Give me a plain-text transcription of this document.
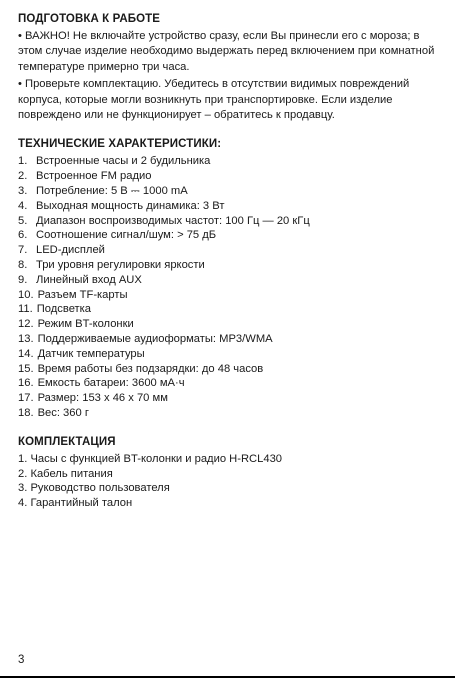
ПОДГОТОВКА К РАБОТЕ

• ВАЖНО! Не включайте устройство сразу, если Вы принесли его с мороза; в этом случае изделие необходимо выдержать перед включением при комнатной температуре примерно три часа.

• Проверьте комплектацию. Убедитесь в отсутствии видимых повреждений корпуса, которые могли возникнуть при транспортировке. Если изделие повреждено или не функционирует – обратитесь к продавцу.

ТЕХНИЧЕСКИЕ ХАРАКТЕРИСТИКИ:
1. Встроенные часы и 2 будильника
2. Встроенное FM радио
3. Потребление: 5 В ⎓ 1000 mA
4. Выходная мощность динамика: 3 Вт
5. Диапазон воспроизводимых частот: 100 Гц — 20 кГц
6. Соотношение сигнал/шум: > 75 дБ
7. LED-дисплей
8. Три уровня регулировки яркости
9. Линейный вход AUX
10. Разъем TF-карты
11. Подсветка
12. Режим BT-колонки
13. Поддерживаемые аудиоформаты: MP3/WMA
14. Датчик температуры
15. Время работы без подзарядки: до 48 часов
16. Емкость батареи: 3600 мА·ч
17. Размер: 153 x 46 x 70 мм
18. Вес: 360 г
КОМПЛЕКТАЦИЯ
1. Часы с функцией BT-колонки и радио H-RCL430
2. Кабель питания
3. Руководство пользователя
4. Гарантийный талон
3
